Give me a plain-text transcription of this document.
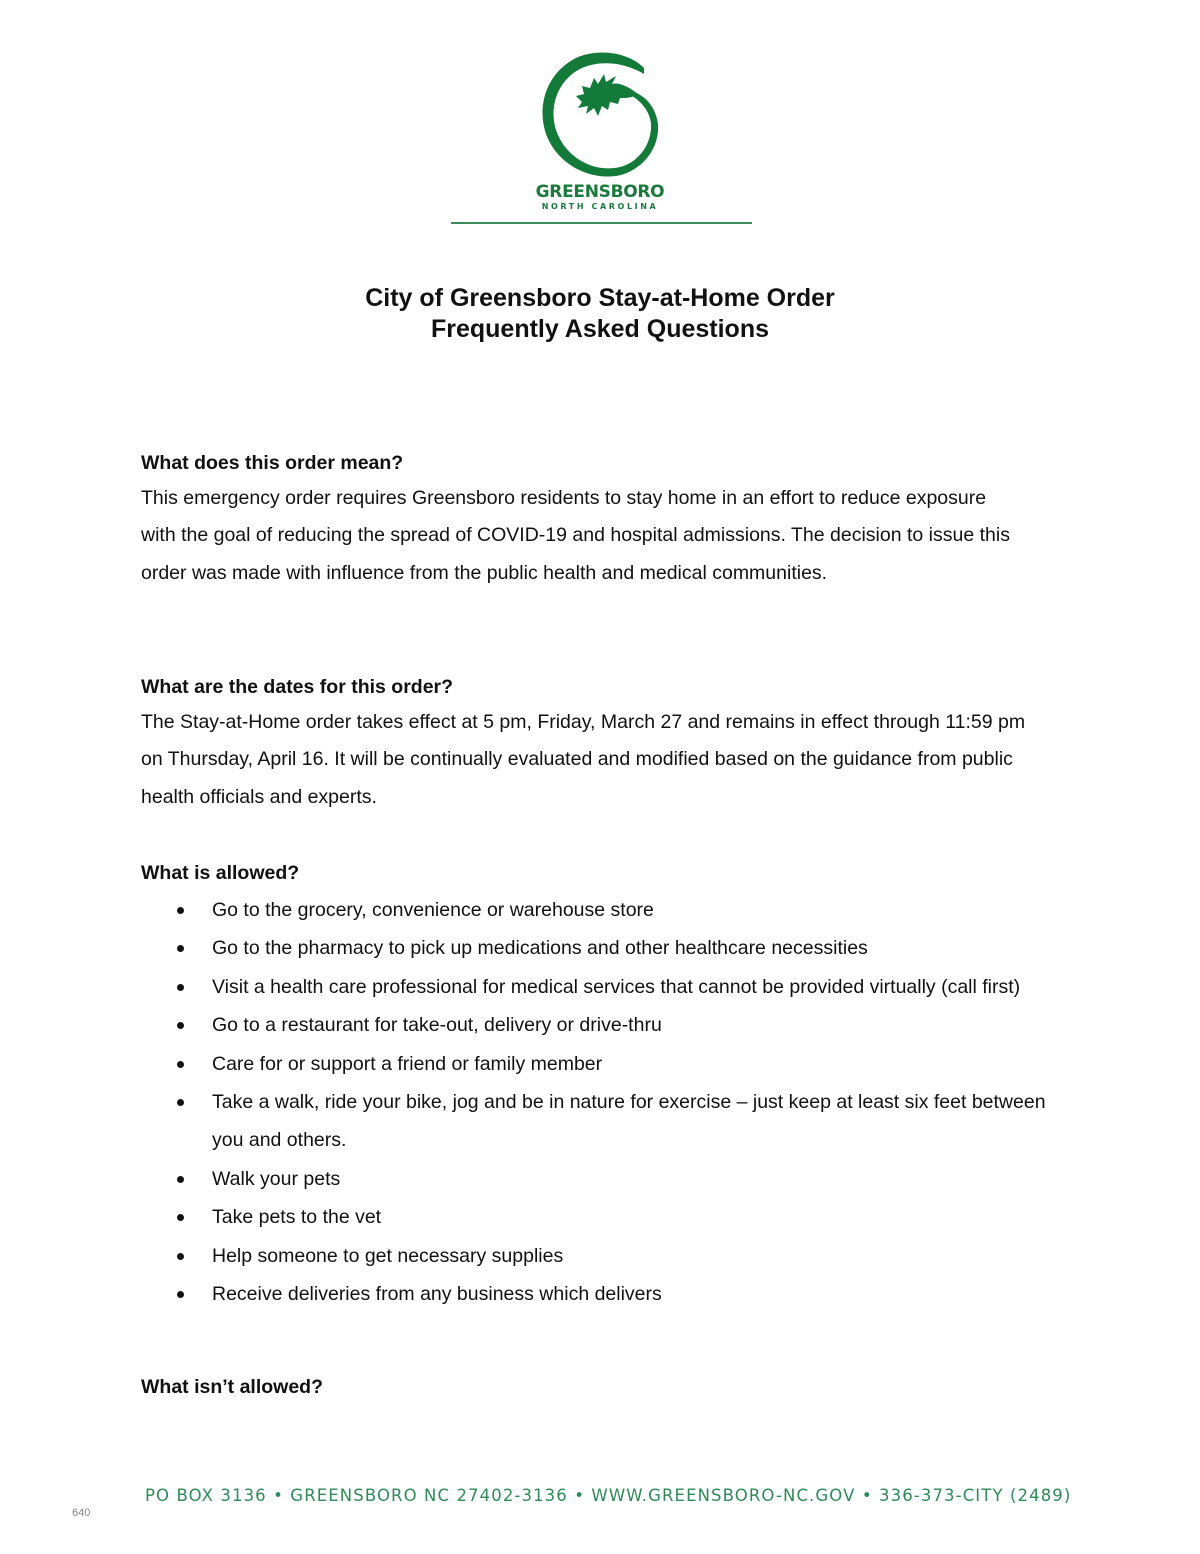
GREENSBORO
NORTH CAROLINA
City of Greensboro Stay-at-Home Order
Frequently Asked Questions

What does this order mean?

This emergency order requires Greensboro residents to stay home in an effort to reduce exposure with the goal of reducing the spread of COVID-19 and hospital admissions. The decision to issue this order was made with influence from the public health and medical communities.

What are the dates for this order?

The Stay-at-Home order takes effect at 5 pm, Friday, March 27 and remains in effect through 11:59 pm on Thursday, April 16. It will be continually evaluated and modified based on the guidance from public health officials and experts.

What is allowed?

Go to the grocery, convenience or warehouse store
Go to the pharmacy to pick up medications and other healthcare necessities
Visit a health care professional for medical services that cannot be provided virtually (call first)
Go to a restaurant for take-out, delivery or drive-thru
Care for or support a friend or family member
Take a walk, ride your bike, jog and be in nature for exercise – just keep at least six feet between you and others.
Walk your pets
Take pets to the vet
Help someone to get necessary supplies
Receive deliveries from any business which delivers

What isn’t allowed?

PO BOX 3136 • GREENSBORO NC 27402-3136 • WWW.GREENSBORO-NC.GOV • 336-373-CITY (2489)
640
